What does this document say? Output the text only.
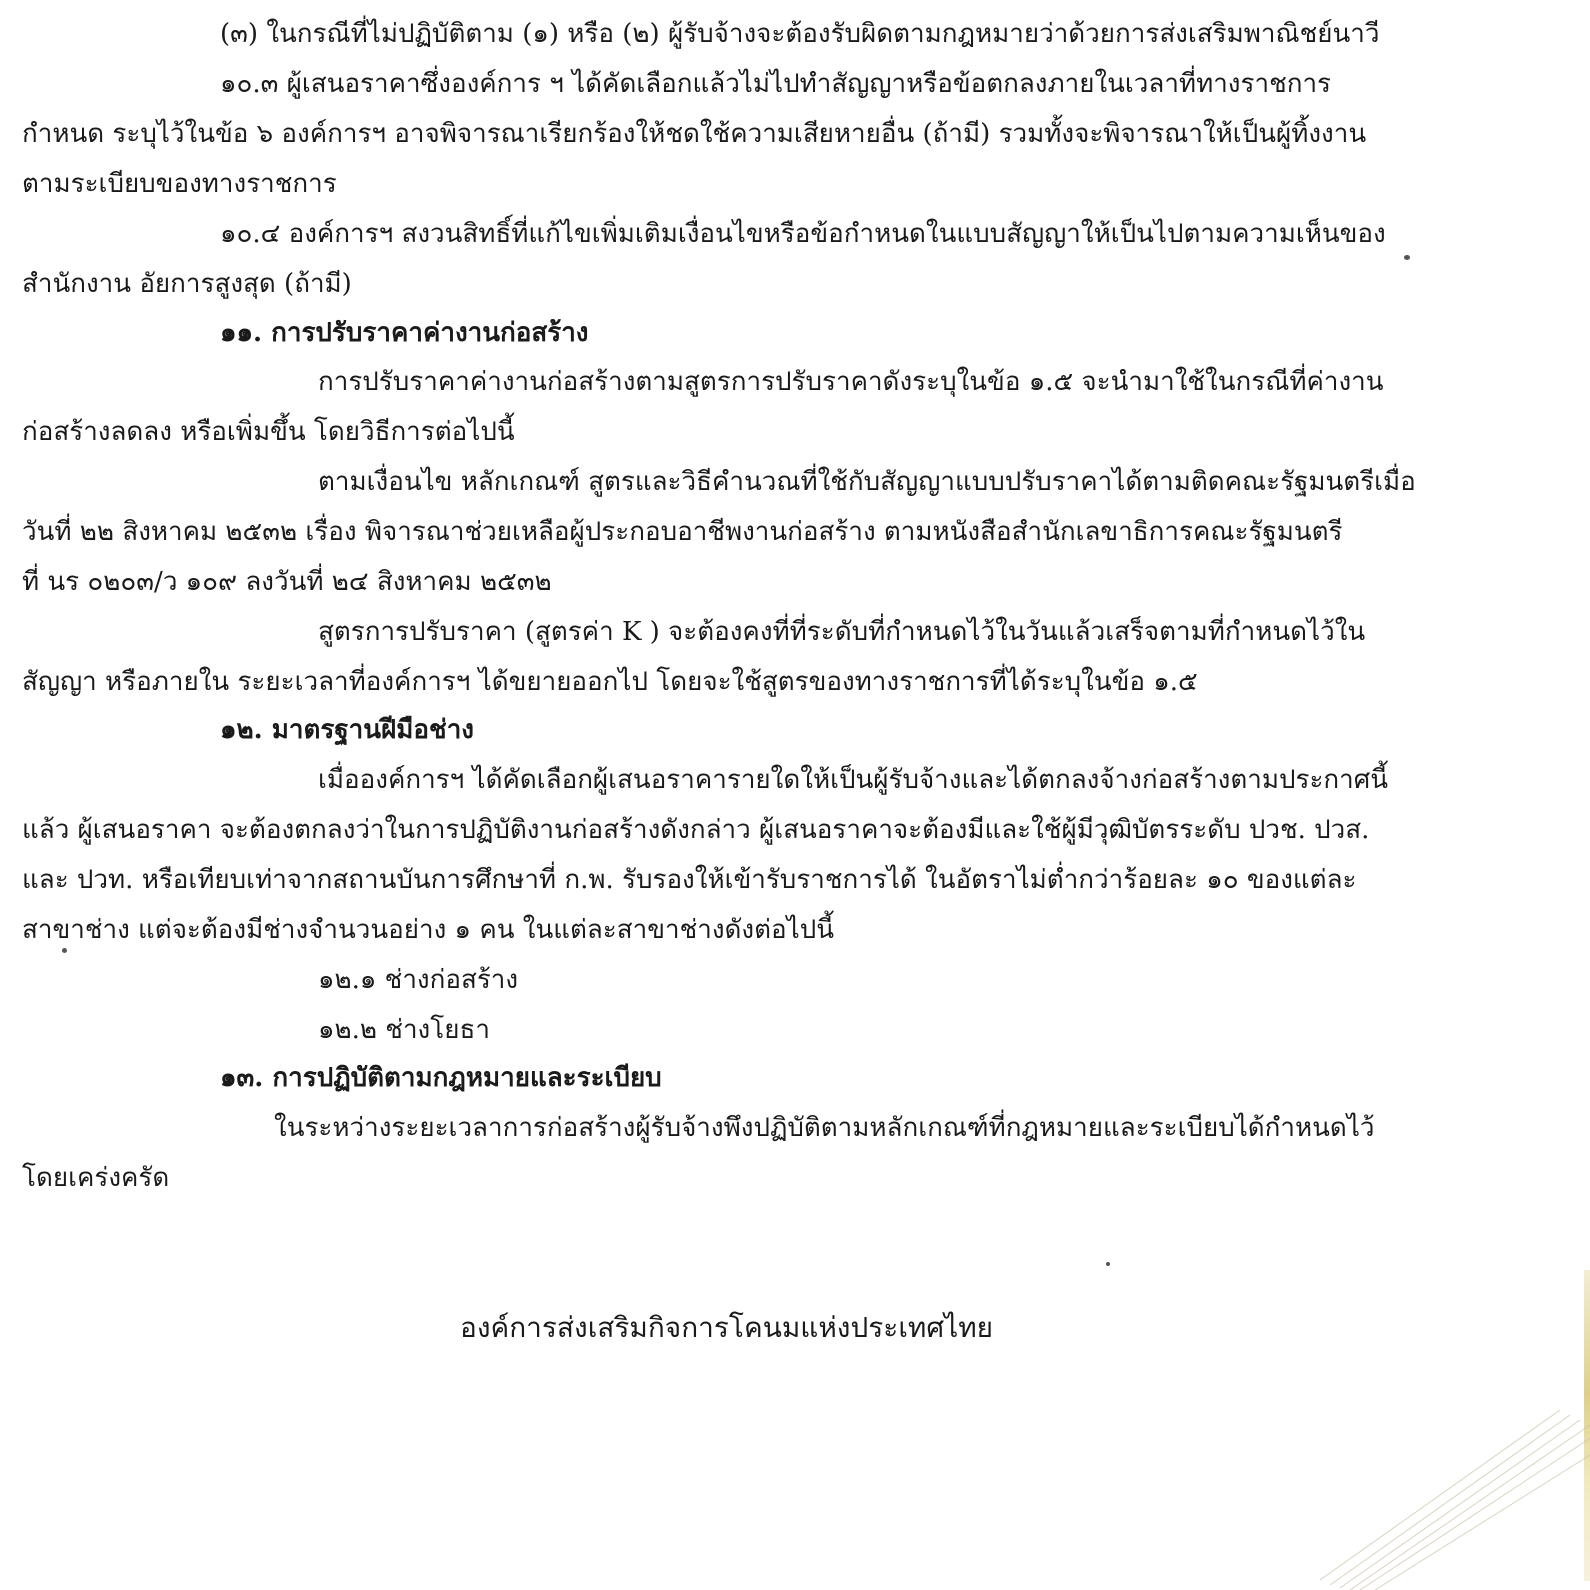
(๓) ในกรณีที่ไม่ปฏิบัติตาม (๑) หรือ (๒) ผู้รับจ้างจะต้องรับผิดตามกฎหมายว่าด้วยการส่งเสริมพาณิชย์นาวี
๑๐.๓ ผู้เสนอราคาซึ่งองค์การ ฯ ได้คัดเลือกแล้วไม่ไปทำสัญญาหรือข้อตกลงภายในเวลาที่ทางราชการ
กำหนด ระบุไว้ในข้อ ๖ องค์การฯ อาจพิจารณาเรียกร้องให้ชดใช้ความเสียหายอื่น (ถ้ามี) รวมทั้งจะพิจารณาให้เป็นผู้ทิ้งงาน
ตามระเบียบของทางราชการ
๑๐.๔ องค์การฯ สงวนสิทธิ์ที่แก้ไขเพิ่มเติมเงื่อนไขหรือข้อกำหนดในแบบสัญญาให้เป็นไปตามความเห็นของ
สำนักงาน อัยการสูงสุด (ถ้ามี)
๑๑. การปรับราคาค่างานก่อสร้าง
การปรับราคาค่างานก่อสร้างตามสูตรการปรับราคาดังระบุในข้อ ๑.๕ จะนำมาใช้ในกรณีที่ค่างาน
ก่อสร้างลดลง หรือเพิ่มขึ้น โดยวิธีการต่อไปนี้
ตามเงื่อนไข หลักเกณฑ์ สูตรและวิธีคำนวณที่ใช้กับสัญญาแบบปรับราคาได้ตามติดคณะรัฐมนตรีเมื่อ
วันที่ ๒๒ สิงหาคม ๒๕๓๒ เรื่อง พิจารณาช่วยเหลือผู้ประกอบอาชีพงานก่อสร้าง ตามหนังสือสำนักเลขาธิการคณะรัฐมนตรี
ที่ นร ๐๒๐๓/ว ๑๐๙ ลงวันที่ ๒๔ สิงหาคม ๒๕๓๒
สูตรการปรับราคา (สูตรค่า K ) จะต้องคงที่ที่ระดับที่กำหนดไว้ในวันแล้วเสร็จตามที่กำหนดไว้ใน
สัญญา หรือภายใน ระยะเวลาที่องค์การฯ ได้ขยายออกไป โดยจะใช้สูตรของทางราชการที่ได้ระบุในข้อ ๑.๕
๑๒. มาตรฐานฝีมือช่าง
เมื่อองค์การฯ ได้คัดเลือกผู้เสนอราคารายใดให้เป็นผู้รับจ้างและได้ตกลงจ้างก่อสร้างตามประกาศนี้
แล้ว ผู้เสนอราคา จะต้องตกลงว่าในการปฏิบัติงานก่อสร้างดังกล่าว ผู้เสนอราคาจะต้องมีและใช้ผู้มีวุฒิบัตรระดับ ปวช. ปวส.
และ ปวท. หรือเทียบเท่าจากสถานบันการศึกษาที่ ก.พ. รับรองให้เข้ารับราชการได้ ในอัตราไม่ต่ำกว่าร้อยละ ๑๐ ของแต่ละ
สาขาช่าง แต่จะต้องมีช่างจำนวนอย่าง ๑ คน ในแต่ละสาขาช่างดังต่อไปนี้
๑๒.๑ ช่างก่อสร้าง
๑๒.๒ ช่างโยธา
๑๓. การปฏิบัติตามกฎหมายและระเบียบ
ในระหว่างระยะเวลาการก่อสร้างผู้รับจ้างพึงปฏิบัติตามหลักเกณฑ์ที่กฎหมายและระเบียบได้กำหนดไว้
โดยเคร่งครัด
องค์การส่งเสริมกิจการโคนมแห่งประเทศไทย
